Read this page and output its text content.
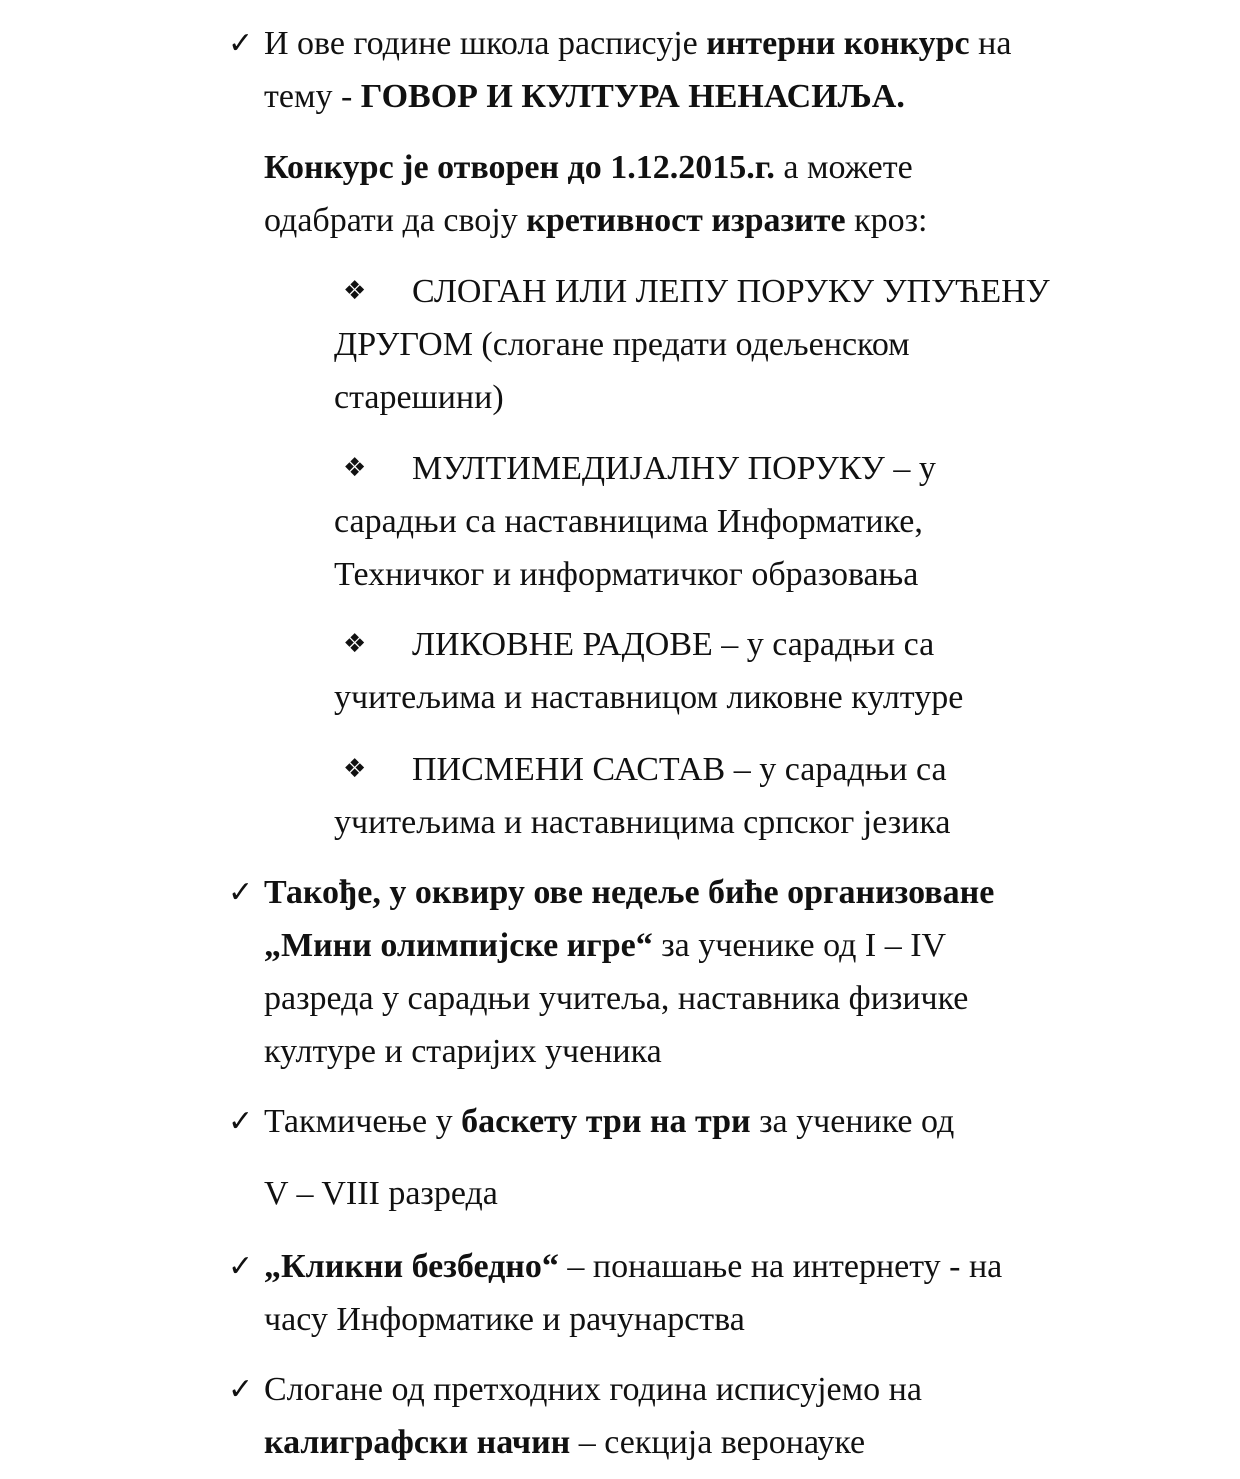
✓ И ове године школа расписује интерни конкурс на
тему - ГОВОР И КУЛТУРА НЕНАСИЉА.
Конкурс је отворен до 1.12.2015.г. а можете
одабрати да своју кретивност изразите кроз:
❖ СЛОГАН ИЛИ ЛЕПУ ПОРУКУ УПУЋЕНУ
ДРУГОМ (слогане предати одељенском
старешини)
❖ МУЛТИМЕДИЈАЛНУ ПОРУКУ – у
сарадњи са наставницима Информатике,
Техничког и информатичког образовања
❖ ЛИКОВНЕ РАДОВЕ – у сарадњи са
учитељима и наставницом ликовне културе
❖ ПИСМЕНИ САСТАВ – у сарадњи са
учитељима и наставницима српског језика
✓ Такође, у оквиру ове недеље биће организоване
„Мини олимпијске игре“ за ученике од I – IV
разреда у сарадњи учитеља, наставника физичке
културе и старијих ученика
✓ Такмичење у баскету три на три за ученике од
V – VIII разреда
✓ „Кликни безбедно“ – понашање на интернету - на
часу Информатике и рачунарства
✓ Слогане од претходних година исписујемо на
калиграфски начин – секција веронауке
